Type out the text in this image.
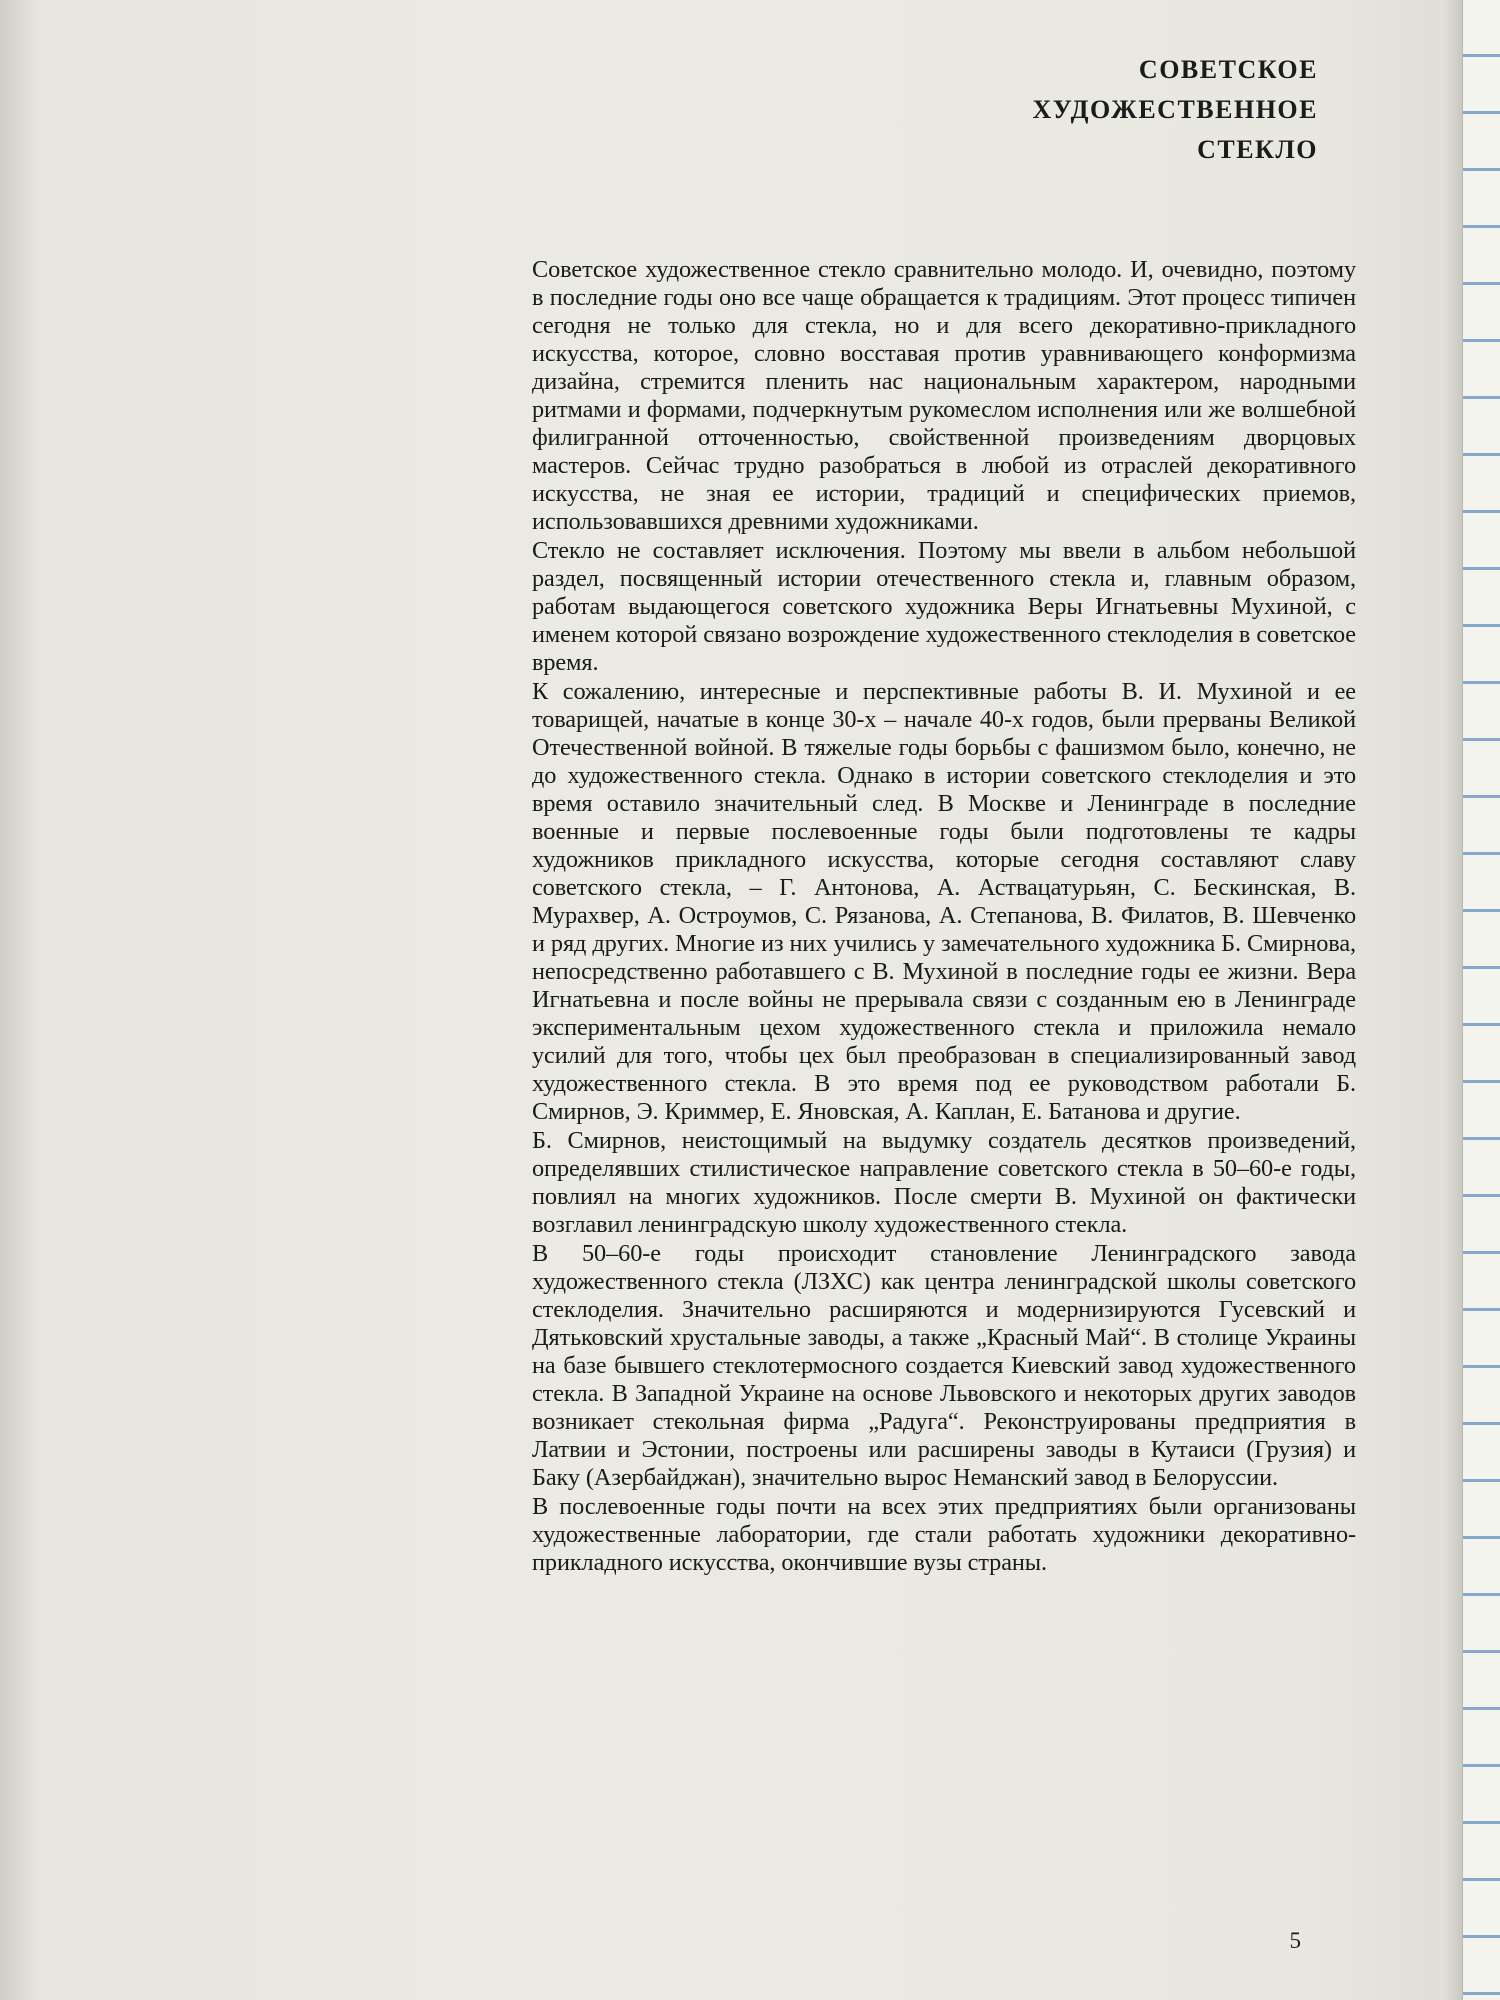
СОВЕТСКОЕ
ХУДОЖЕСТВЕННОЕ
СТЕКЛО

Советское художественное стекло сравнительно молодо. И, очевидно, поэтому в последние годы оно все чаще обращается к традициям. Этот процесс типичен сегодня не только для стекла, но и для всего декоративно-прикладного искусства, которое, словно восставая против уравнивающего конформизма дизайна, стремится пленить нас национальным характером, народными ритмами и формами, подчеркнутым рукомеслом исполнения или же волшебной филигранной отточенностью, свойственной произведениям дворцовых мастеров. Сейчас трудно разобраться в любой из отраслей декоративного искусства, не зная ее истории, традиций и специфических приемов, использовавшихся древними художниками.

Стекло не составляет исключения. Поэтому мы ввели в альбом небольшой раздел, посвященный истории отечественного стекла и, главным образом, работам выдающегося советского художника Веры Игнатьевны Мухиной, с именем которой связано возрождение художественного стеклоделия в советское время.

К сожалению, интересные и перспективные работы В. И. Мухиной и ее товарищей, начатые в конце 30-х – начале 40-х годов, были прерваны Великой Отечественной войной. В тяжелые годы борьбы с фашизмом было, конечно, не до художественного стекла. Однако в истории советского стеклоделия и это время оставило значительный след. В Москве и Ленинграде в последние военные и первые послевоенные годы были подготовлены те кадры художников прикладного искусства, которые сегодня составляют славу советского стекла, – Г. Антонова, А. Аствацатурьян, С. Бескинская, В. Мурахвер, А. Остроумов, С. Рязанова, А. Степанова, В. Филатов, В. Шевченко и ряд других. Многие из них учились у замечательного художника Б. Смирнова, непосредственно работавшего с В. Мухиной в последние годы ее жизни. Вера Игнатьевна и после войны не прерывала связи с созданным ею в Ленинграде экспериментальным цехом художественного стекла и приложила немало усилий для того, чтобы цех был преобразован в специализированный завод художественного стекла. В это время под ее руководством работали Б. Смирнов, Э. Криммер, Е. Яновская, А. Каплан, Е. Батанова и другие.

Б. Смирнов, неистощимый на выдумку создатель десятков произведений, определявших стилистическое направление советского стекла в 50–60-е годы, повлиял на многих художников. После смерти В. Мухиной он фактически возглавил ленинградскую школу художественного стекла.

В 50–60-е годы происходит становление Ленинградского завода художественного стекла (ЛЗХС) как центра ленинградской школы советского стеклоделия. Значительно расширяются и модернизируются Гусевский и Дятьковский хрустальные заводы, а также „Красный Май“. В столице Украины на базе бывшего стеклотермосного создается Киевский завод художественного стекла. В Западной Украине на основе Львовского и некоторых других заводов возникает стекольная фирма „Радуга“. Реконструированы предприятия в Латвии и Эстонии, построены или расширены заводы в Кутаиси (Грузия) и Баку (Азербайджан), значительно вырос Неманский завод в Белоруссии.

В послевоенные годы почти на всех этих предприятиях были организованы художественные лаборатории, где стали работать художники декоративно-прикладного искусства, окончившие вузы страны.

5
